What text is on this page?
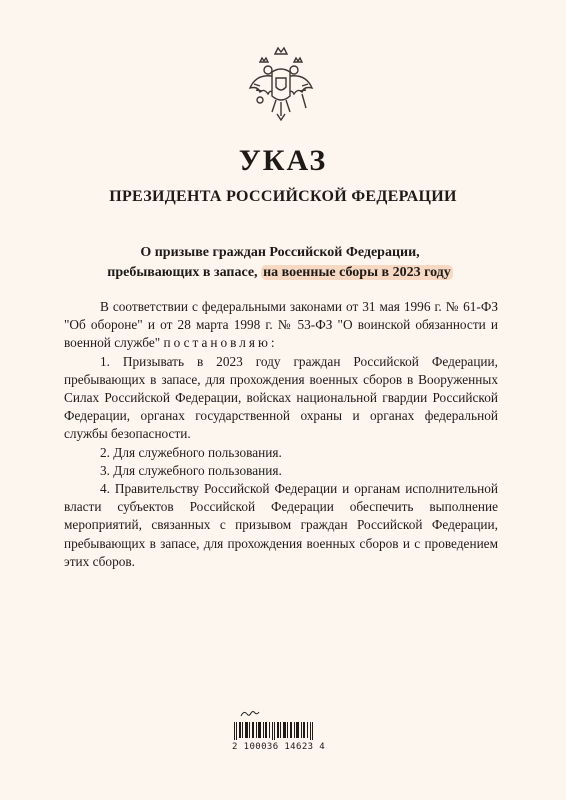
УКАЗ
ПРЕЗИДЕНТА РОССИЙСКОЙ ФЕДЕРАЦИИ
О призыве граждан Российской Федерации,
пребывающих в запасе, на военные сборы в 2023 году

В соответствии с федеральными законами от 31 мая 1996 г. № 61-ФЗ "Об обороне" и от 28 марта 1998 г. № 53-ФЗ "О воинской обязанности и военной службе" постановляю:

1. Призывать в 2023 году граждан Российской Федерации, пребывающих в запасе, для прохождения военных сборов в Вооруженных Силах Российской Федерации, войсках национальной гвардии Российской Федерации, органах государственной охраны и органах федеральной службы безопасности.

2. Для служебного пользования.

3. Для служебного пользования.

4. Правительству Российской Федерации и органам исполнительной власти субъектов Российской Федерации обеспечить выполнение мероприятий, связанных с призывом граждан Российской Федерации, пребывающих в запасе, для прохождения военных сборов и с проведением этих сборов.

2 100036 14623 4
